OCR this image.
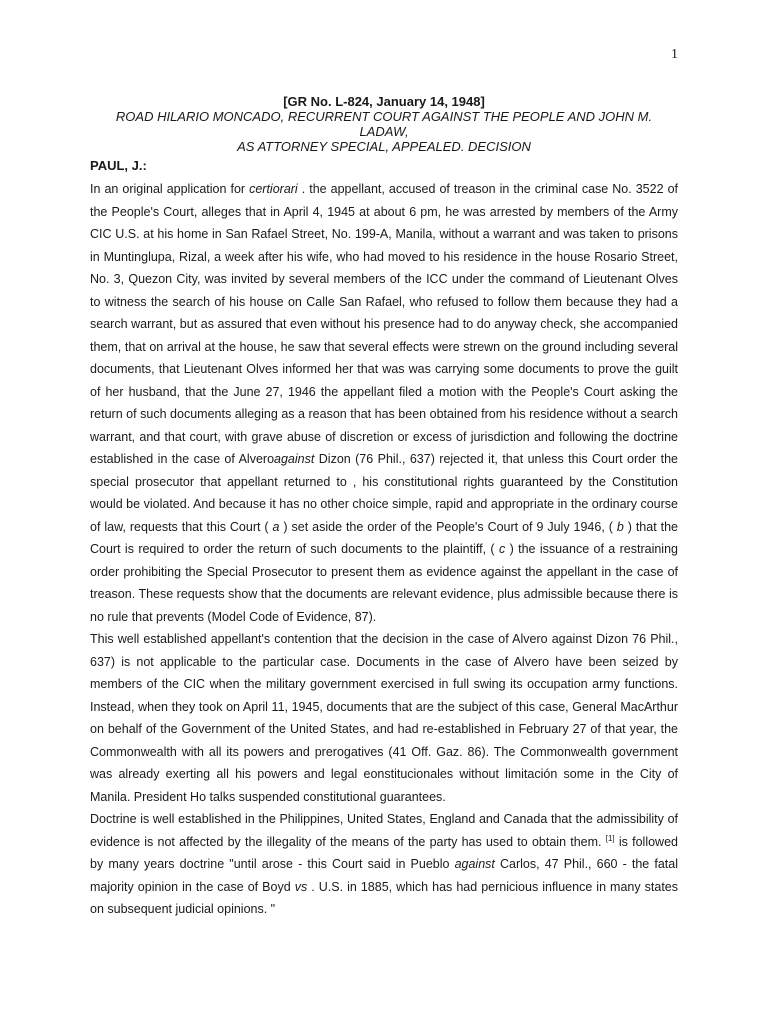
1
[GR No. L-824, January 14, 1948]
ROAD HILARIO MONCADO, RECURRENT COURT AGAINST THE PEOPLE AND JOHN M. LADAW,
AS ATTORNEY SPECIAL, APPEALED. DECISION
PAUL, J.:

In an original application for certiorari . the appellant, accused of treason in the criminal case No. 3522 of the People's Court, alleges that in April 4, 1945 at about 6 pm, he was arrested by members of the Army CIC U.S. at his home in San Rafael Street, No. 199-A, Manila, without a warrant and was taken to prisons in Muntinglupa, Rizal, a week after his wife, who had moved to his residence in the house Rosario Street, No. 3, Quezon City, was invited by several members of the ICC under the command of Lieutenant Olves to witness the search of his house on Calle San Rafael, who refused to follow them because they had a search warrant, but as assured that even without his presence had to do anyway check, she accompanied them, that on arrival at the house, he saw that several effects were strewn on the ground including several documents, that Lieutenant Olves informed her that was was carrying some documents to prove the guilt of her husband, that the June 27, 1946 the appellant filed a motion with the People's Court asking the return of such documents alleging as a reason that has been obtained from his residence without a search warrant, and that court, with grave abuse of discretion or excess of jurisdiction and following the doctrine established in the case of Alveroagainst Dizon (76 Phil., 637) rejected it, that unless this Court order the special prosecutor that appellant returned to , his constitutional rights guaranteed by the Constitution would be violated. And because it has no other choice simple, rapid and appropriate in the ordinary course of law, requests that this Court ( a ) set aside the order of the People's Court of 9 July 1946, ( b ) that the Court is required to order the return of such documents to the plaintiff, ( c ) the issuance of a restraining order prohibiting the Special Prosecutor to present them as evidence against the appellant in the case of treason. These requests show that the documents are relevant evidence, plus admissible because there is no rule that prevents (Model Code of Evidence, 87).

This well established appellant's contention that the decision in the case of Alvero against Dizon 76 Phil., 637) is not applicable to the particular case. Documents in the case of Alvero have been seized by members of the CIC when the military government exercised in full swing its occupation army functions. Instead, when they took on April 11, 1945, documents that are the subject of this case, General MacArthur on behalf of the Government of the United States, and had re-established in February 27 of that year, the Commonwealth with all its powers and prerogatives (41 Off. Gaz. 86). The Commonwealth government was already exerting all his powers and legal eonstitucionales without limitación some in the City of Manila. President Ho talks suspended constitutional guarantees.

Doctrine is well established in the Philippines, United States, England and Canada that the admissibility of evidence is not affected by the illegality of the means of the party has used to obtain them. [1] is followed by many years doctrine "until arose - this Court said in Pueblo against Carlos, 47 Phil., 660 - the fatal majority opinion in the case of Boyd vs . U.S. in 1885, which has had pernicious influence in many states on subsequent judicial opinions. "
